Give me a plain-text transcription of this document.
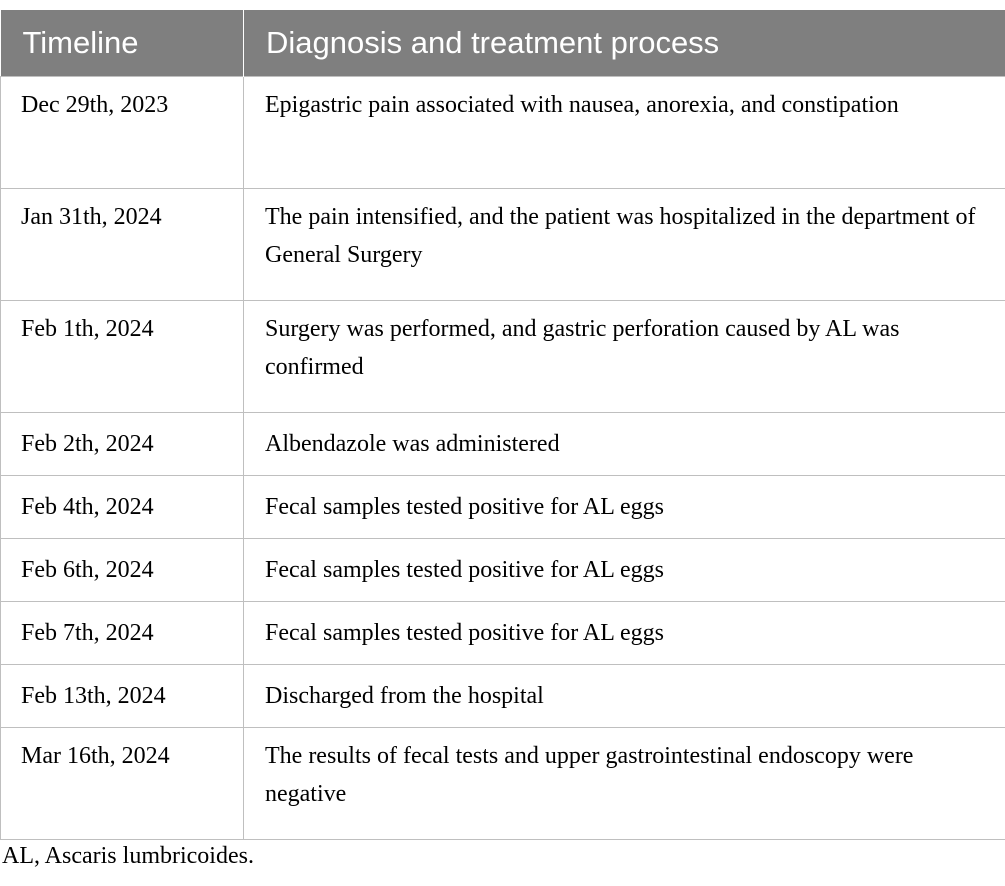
Timeline	Diagnosis and treatment process
Dec 29th, 2023	Epigastric pain associated with nausea, anorexia, and constipation
Jan 31th, 2024	The pain intensified, and the patient was hospitalized in the department of General Surgery
Feb 1th, 2024	Surgery was performed, and gastric perforation caused by AL was confirmed
Feb 2th, 2024	Albendazole was administered
Feb 4th, 2024	Fecal samples tested positive for AL eggs
Feb 6th, 2024	Fecal samples tested positive for AL eggs
Feb 7th, 2024	Fecal samples tested positive for AL eggs
Feb 13th, 2024	Discharged from the hospital
Mar 16th, 2024	The results of fecal tests and upper gastrointestinal endoscopy were negative

AL, Ascaris lumbricoides.
